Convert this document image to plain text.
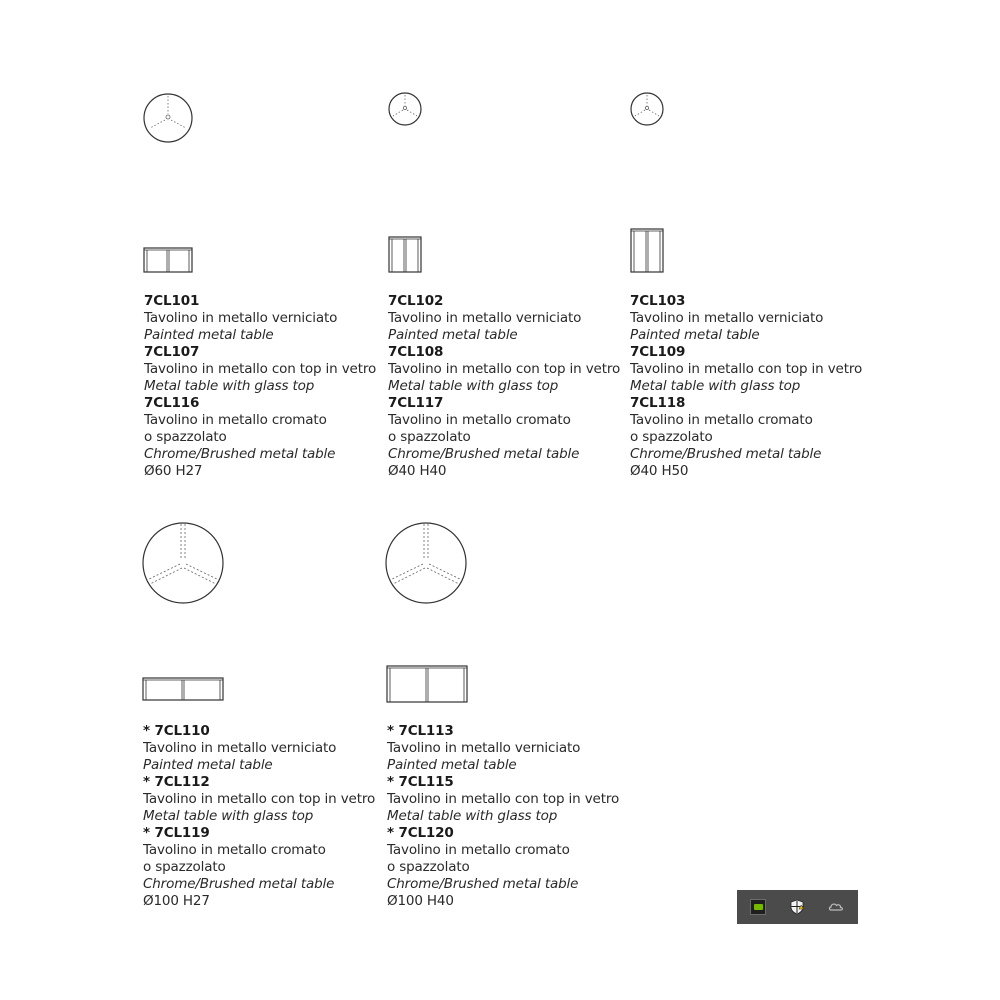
7CL101
Tavolino in metallo verniciato
Painted metal table
7CL107
Tavolino in metallo con top in vetro
Metal table with glass top
7CL116
Tavolino in metallo cromato
o spazzolato
Chrome/Brushed metal table
Ø60 H27
7CL102
Tavolino in metallo verniciato
Painted metal table
7CL108
Tavolino in metallo con top in vetro
Metal table with glass top
7CL117
Tavolino in metallo cromato
o spazzolato
Chrome/Brushed metal table
Ø40 H40
7CL103
Tavolino in metallo verniciato
Painted metal table
7CL109
Tavolino in metallo con top in vetro
Metal table with glass top
7CL118
Tavolino in metallo cromato
o spazzolato
Chrome/Brushed metal table
Ø40 H50
* 7CL110
Tavolino in metallo verniciato
Painted metal table
* 7CL112
Tavolino in metallo con top in vetro
Metal table with glass top
* 7CL119
Tavolino in metallo cromato
o spazzolato
Chrome/Brushed metal table
Ø100 H27
* 7CL113
Tavolino in metallo verniciato
Painted metal table
* 7CL115
Tavolino in metallo con top in vetro
Metal table with glass top
* 7CL120
Tavolino in metallo cromato
o spazzolato
Chrome/Brushed metal table
Ø100 H40
